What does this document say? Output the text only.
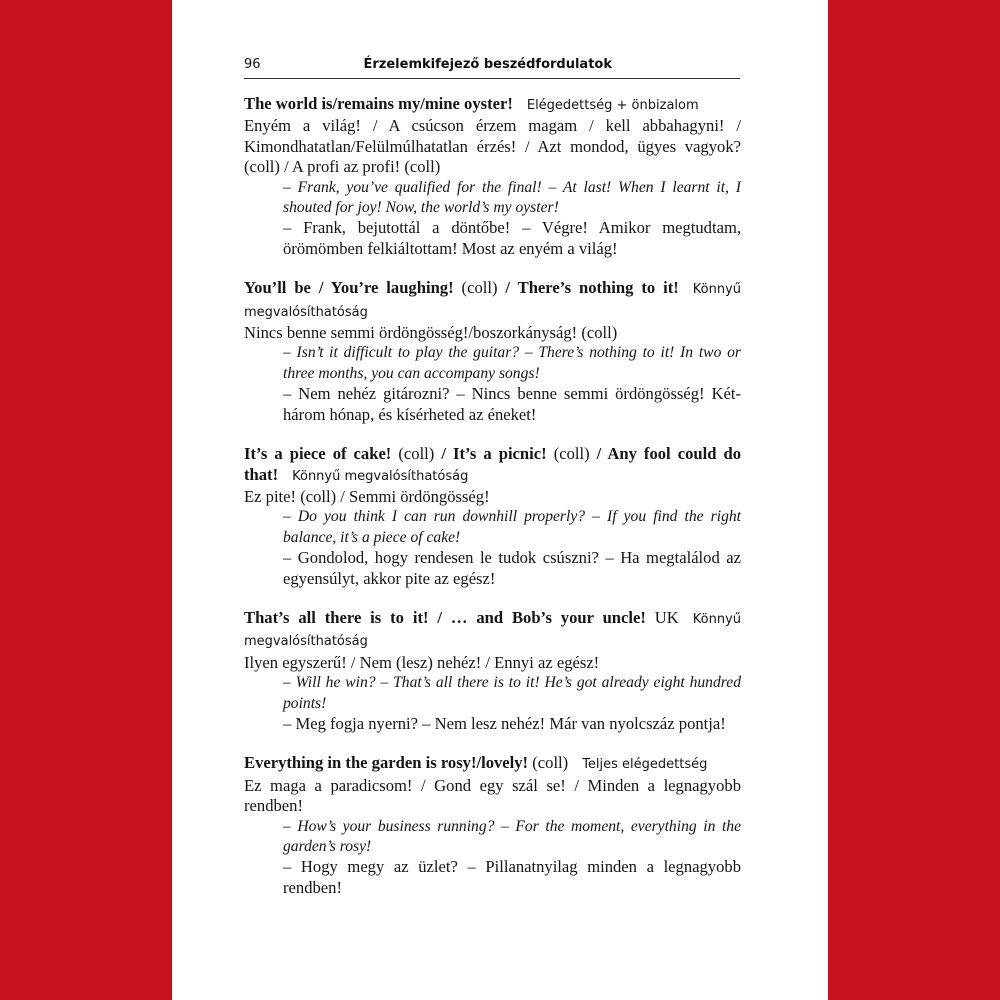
96	Érzelemkifejező beszédfordulatok
The world is/remains my/mine oyster! Elégedettség + önbizalom
Enyém a világ! / A csúcson érzem magam / kell abbahagyni! / Kimondhatatlan/Felülmúlhatatlan érzés! / Azt mondod, ügyes vagyok? (coll) / A profi az profi! (coll)
– Frank, you’ve qualified for the final! – At last! When I learnt it, I shouted for joy! Now, the world’s my oyster!
– Frank, bejutottál a döntőbe! – Végre! Amikor megtudtam, örömömben felkiáltottam! Most az enyém a világ!
You’ll be / You’re laughing! (coll) / There’s nothing to it! Könnyű megvalósíthatóság
Nincs benne semmi ördöngösség!/boszorkányság! (coll)
– Isn’t it difficult to play the guitar? – There’s nothing to it! In two or three months, you can accompany songs!
– Nem nehéz gitározni? – Nincs benne semmi ördöngösség! Két-három hónap, és kísérheted az éneket!
It’s a piece of cake! (coll) / It’s a picnic! (coll) / Any fool could do that! Könnyű megvalósíthatóság
Ez pite! (coll) / Semmi ördöngösség!
– Do you think I can run downhill properly? – If you find the right balance, it’s a piece of cake!
– Gondolod, hogy rendesen le tudok csúszni? – Ha megtalálod az egyensúlyt, akkor pite az egész!
That’s all there is to it! / … and Bob’s your uncle! UK Könnyű megvalósíthatóság
Ilyen egyszerű! / Nem (lesz) nehéz! / Ennyi az egész!
– Will he win? – That’s all there is to it! He’s got already eight hundred points!
– Meg fogja nyerni? – Nem lesz nehéz! Már van nyolcszáz pontja!
Everything in the garden is rosy!/lovely! (coll) Teljes elégedettség
Ez maga a paradicsom! / Gond egy szál se! / Minden a legnagyobb rendben!
– How’s your business running? – For the moment, everything in the garden’s rosy!
– Hogy megy az üzlet? – Pillanatnyilag minden a legnagyobb rendben!
